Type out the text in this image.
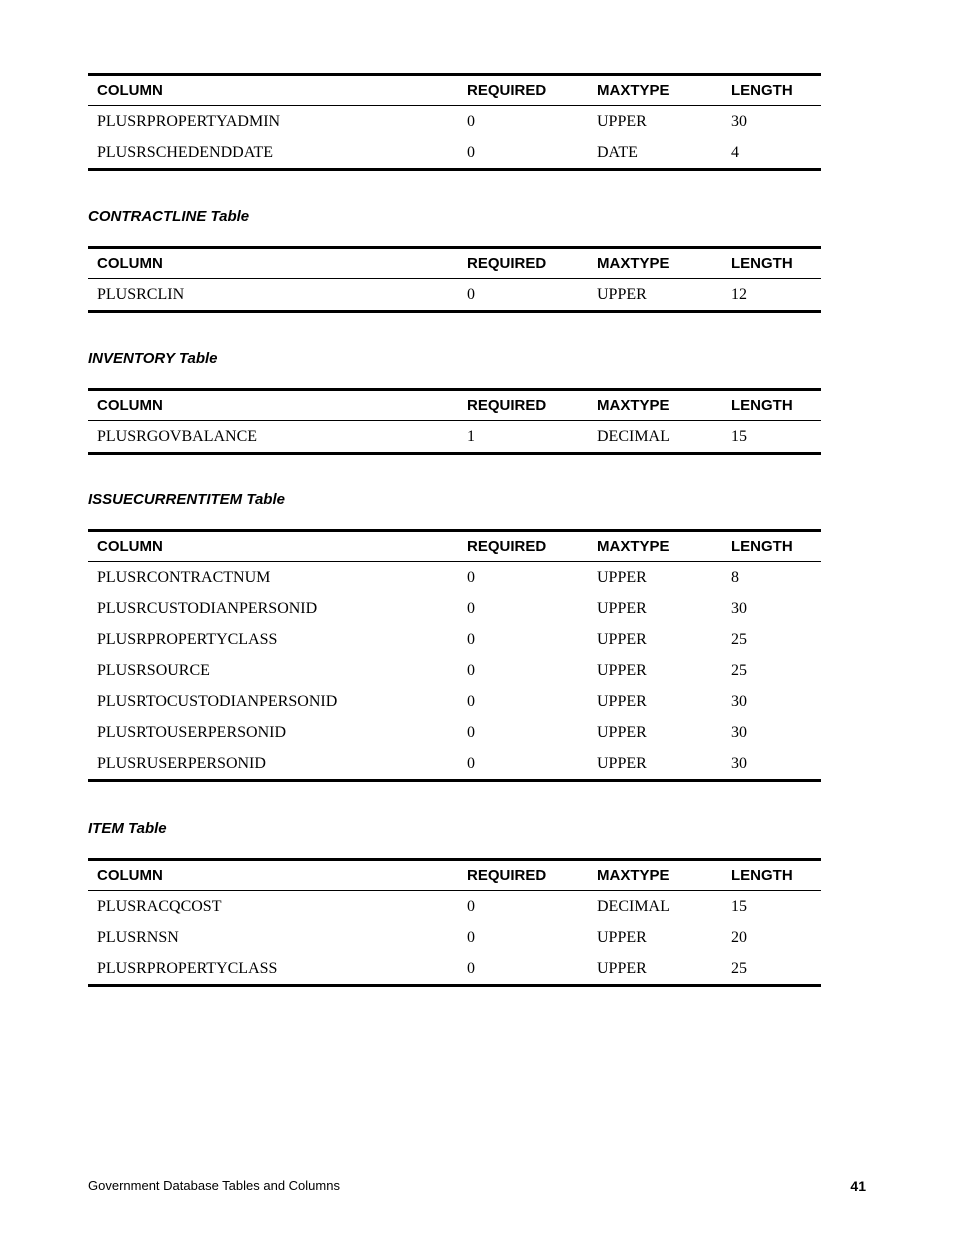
COLUMN	REQUIRED	MAXTYPE	LENGTH
PLUSRPROPERTYADMIN	0	UPPER	30
PLUSRSCHEDENDDATE	0	DATE	4
CONTRACTLINE Table
COLUMN	REQUIRED	MAXTYPE	LENGTH
PLUSRCLIN	0	UPPER	12
INVENTORY Table
COLUMN	REQUIRED	MAXTYPE	LENGTH
PLUSRGOVBALANCE	1	DECIMAL	15
ISSUECURRENTITEM Table
COLUMN	REQUIRED	MAXTYPE	LENGTH
PLUSRCONTRACTNUM	0	UPPER	8
PLUSRCUSTODIANPERSONID	0	UPPER	30
PLUSRPROPERTYCLASS	0	UPPER	25
PLUSRSOURCE	0	UPPER	25
PLUSRTOCUSTODIANPERSONID	0	UPPER	30
PLUSRTOUSERPERSONID	0	UPPER	30
PLUSRUSERPERSONID	0	UPPER	30
ITEM Table
COLUMN	REQUIRED	MAXTYPE	LENGTH
PLUSRACQCOST	0	DECIMAL	15
PLUSRNSN	0	UPPER	20
PLUSRPROPERTYCLASS	0	UPPER	25
Government Database Tables and Columns	41
